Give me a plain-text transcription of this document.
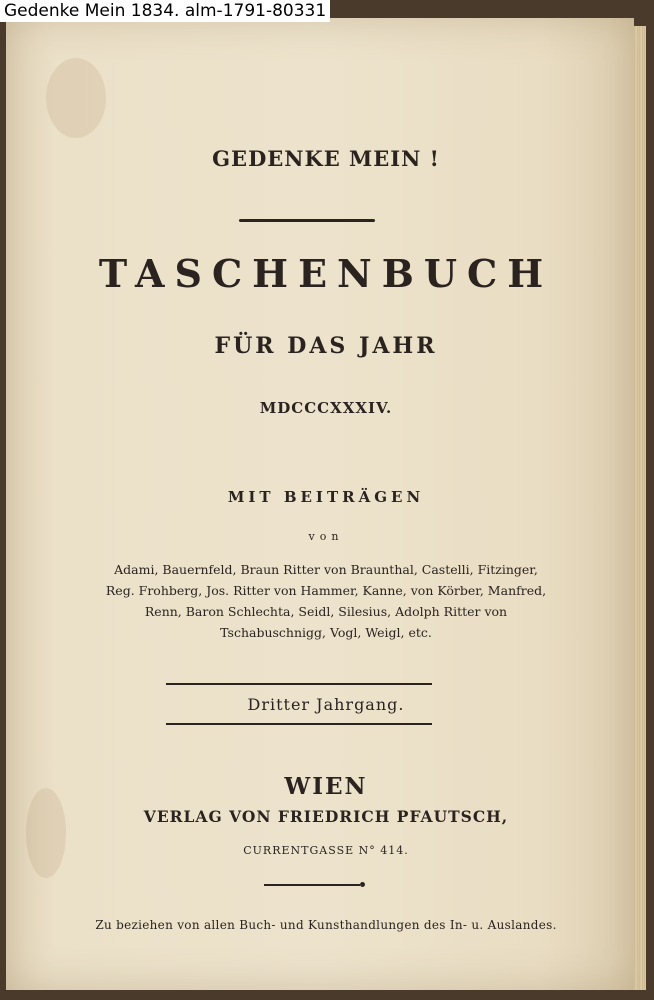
GEDENKE MEIN !
TASCHENBUCH
FÜR DAS JAHR
MDCCCXXXIV.
MIT BEITRÄGEN
von
Adami, Bauernfeld, Braun Ritter von Braunthal, Castelli, Fitzinger,
Reg. Frohberg, Jos. Ritter von Hammer, Kanne, von Körber, Manfred,
Renn, Baron Schlechta, Seidl, Silesius, Adolph Ritter von
Tschabuschnigg, Vogl, Weigl, etc.
Dritter Jahrgang.
WIEN
VERLAG VON FRIEDRICH PFAUTSCH,
CURRENTGASSE N° 414.
Zu beziehen von allen Buch- und Kunsthandlungen des In- u. Auslandes.
Gedenke Mein 1834. alm-1791-80331
